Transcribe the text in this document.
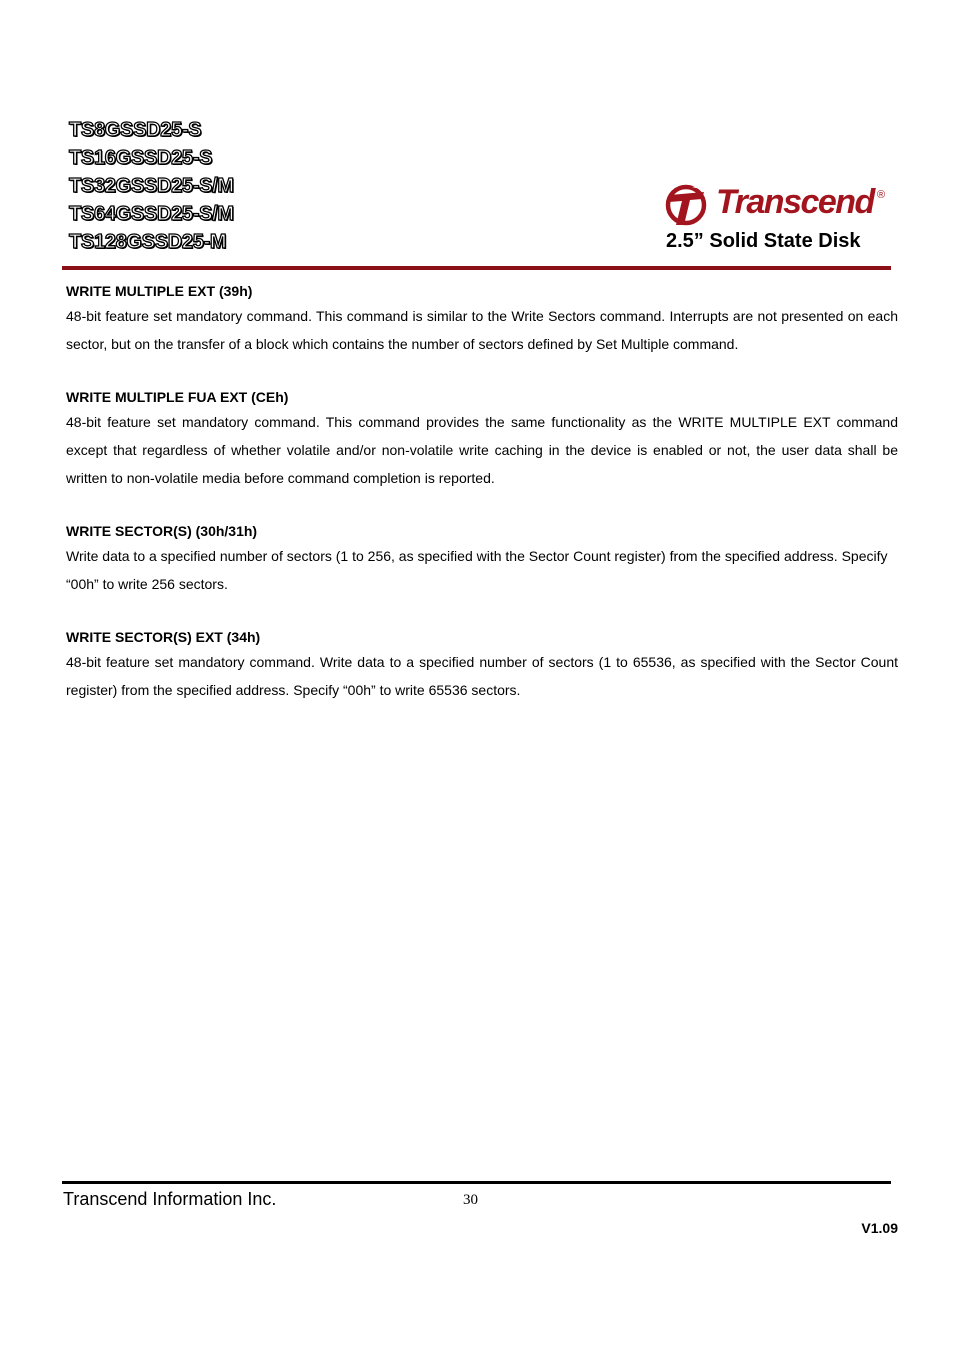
TS8GSSD25-S
TS16GSSD25-S
TS32GSSD25-S/M
TS64GSSD25-S/M
TS128GSSD25-M
Transcend ®
2.5” Solid State Disk

WRITE MULTIPLE EXT (39h)

48-bit feature set mandatory command. This command is similar to the Write Sectors command. Interrupts are not presented on each sector, but on the transfer of a block which contains the number of sectors defined by Set Multiple command.

WRITE MULTIPLE FUA EXT (CEh)

48-bit feature set mandatory command. This command provides the same functionality as the WRITE MULTIPLE EXT command except that regardless of whether volatile and/or non-volatile write caching in the device is enabled or not, the user data shall be written to non-volatile media before command completion is reported.

WRITE SECTOR(S) (30h/31h)

Write data to a specified number of sectors (1 to 256, as specified with the Sector Count register) from the specified address. Specify “00h” to write 256 sectors.

WRITE SECTOR(S) EXT (34h)

48-bit feature set mandatory command. Write data to a specified number of sectors (1 to 65536, as specified with the Sector Count register) from the specified address. Specify “00h” to write 65536 sectors.

Transcend Information Inc.	30
V1.09
